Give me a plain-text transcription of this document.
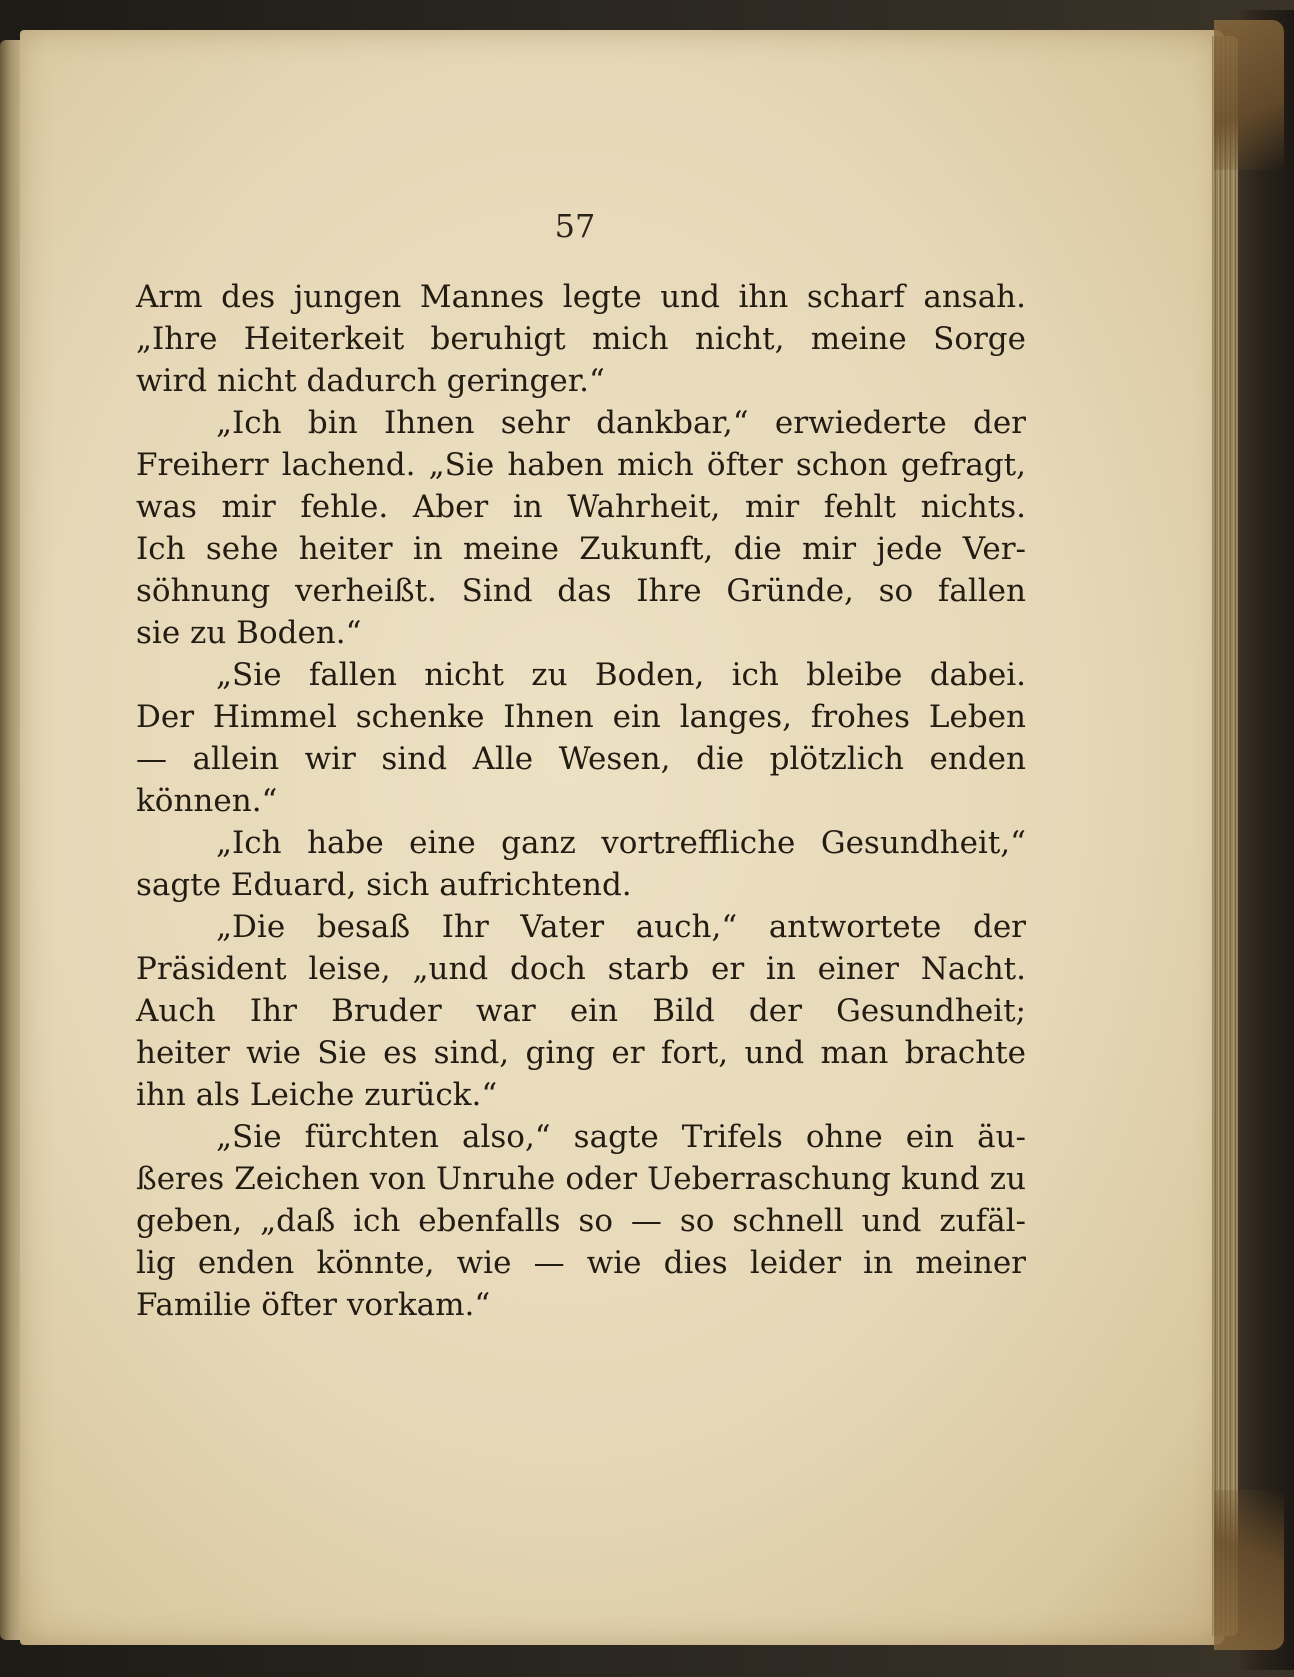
57
Arm des jungen Mannes legte und ihn scharf ansah.
„Ihre Heiterkeit beruhigt mich nicht, meine Sorge
wird nicht dadurch geringer.“
„Ich bin Ihnen sehr dankbar,“ erwiederte der
Freiherr lachend. „Sie haben mich öfter schon gefragt,
was mir fehle. Aber in Wahrheit, mir fehlt nichts.
Ich sehe heiter in meine Zukunft, die mir jede Ver-
söhnung verheißt. Sind das Ihre Gründe, so fallen
sie zu Boden.“
„Sie fallen nicht zu Boden, ich bleibe dabei.
Der Himmel schenke Ihnen ein langes, frohes Leben
— allein wir sind Alle Wesen, die plötzlich enden
können.“
„Ich habe eine ganz vortreffliche Gesundheit,“
sagte Eduard, sich aufrichtend.
„Die besaß Ihr Vater auch,“ antwortete der
Präsident leise, „und doch starb er in einer Nacht.
Auch Ihr Bruder war ein Bild der Gesundheit;
heiter wie Sie es sind, ging er fort, und man brachte
ihn als Leiche zurück.“
„Sie fürchten also,“ sagte Trifels ohne ein äu-
ßeres Zeichen von Unruhe oder Ueberraschung kund zu
geben, „daß ich ebenfalls so — so schnell und zufäl-
lig enden könnte, wie — wie dies leider in meiner
Familie öfter vorkam.“
